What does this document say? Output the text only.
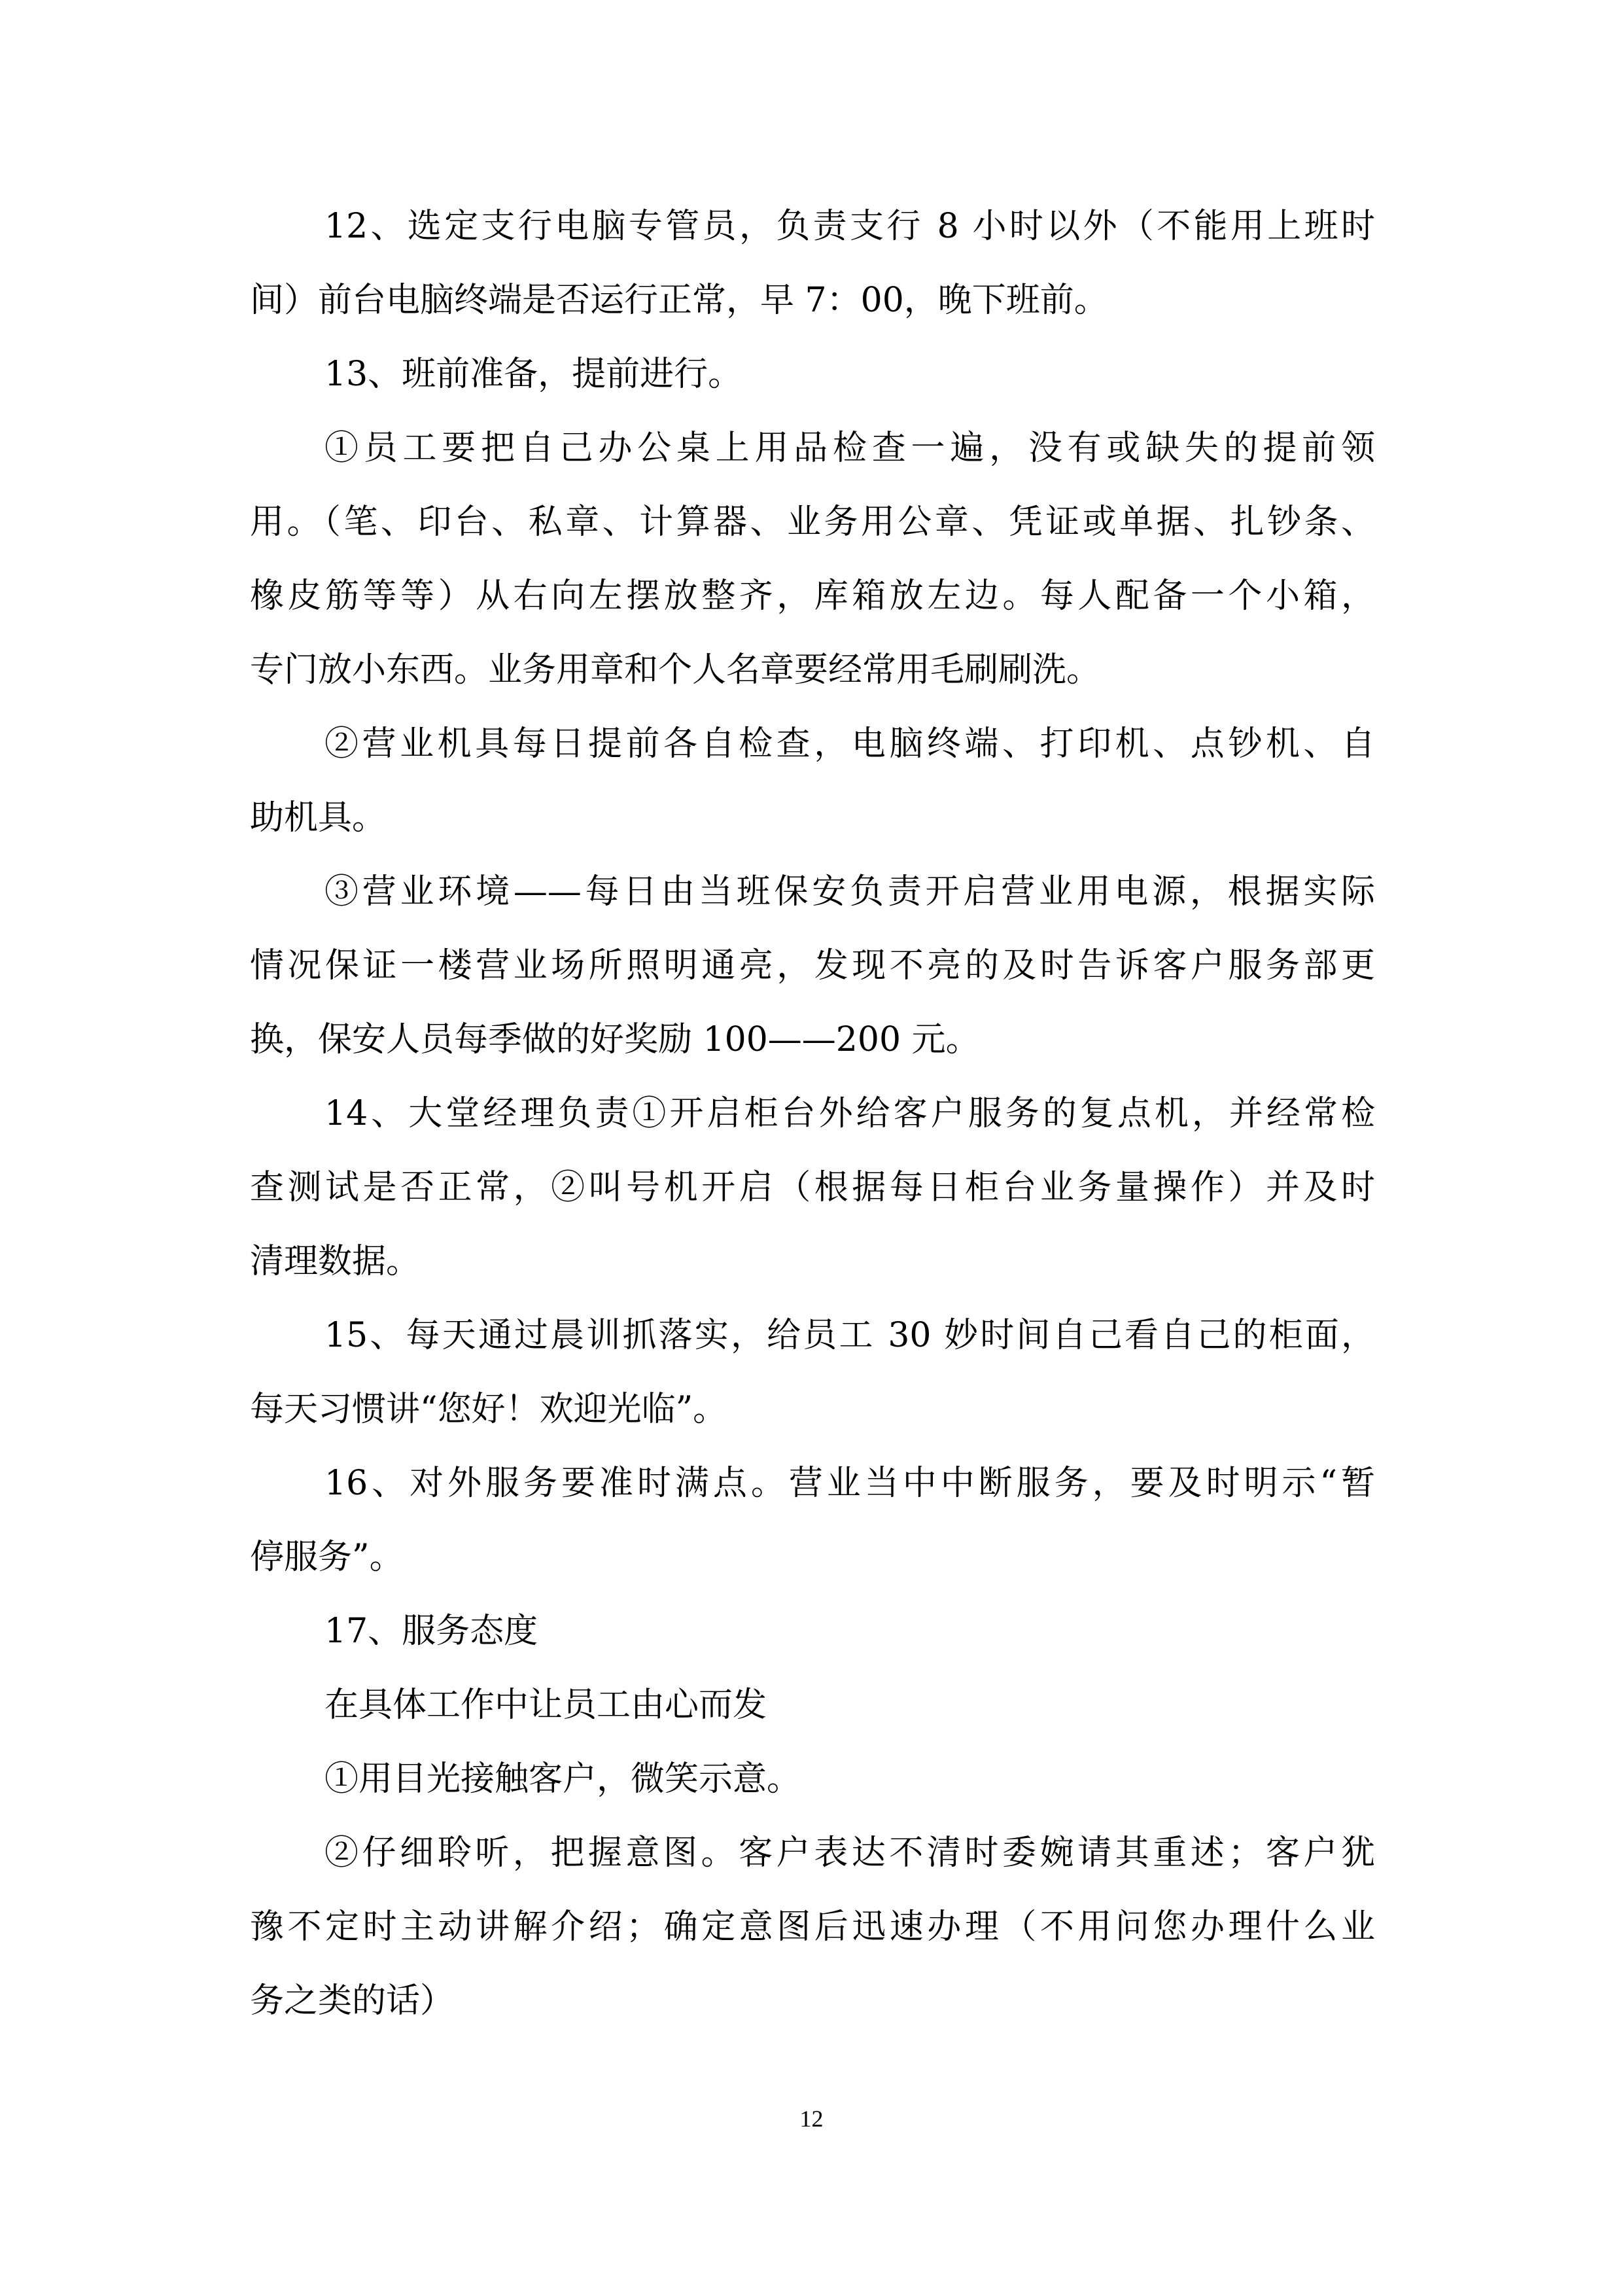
12、选定支行电脑专管员，负责支行 8 小时以外（不能用上班时
间）前台电脑终端是否运行正常，早 7：00，晚下班前。
13、班前准备，提前进行。
①员工要把自己办公桌上用品检查一遍，没有或缺失的提前领
用。（笔、印台、私章、计算器、业务用公章、凭证或单据、扎钞条、
橡皮筋等等）从右向左摆放整齐，库箱放左边。每人配备一个小箱，
专门放小东西。业务用章和个人名章要经常用毛刷刷洗。
②营业机具每日提前各自检查，电脑终端、打印机、点钞机、自
助机具。
③营业环境——每日由当班保安负责开启营业用电源，根据实际
情况保证一楼营业场所照明通亮，发现不亮的及时告诉客户服务部更
换，保安人员每季做的好奖励 100——200 元。
14、大堂经理负责①开启柜台外给客户服务的复点机，并经常检
查测试是否正常，②叫号机开启（根据每日柜台业务量操作）并及时
清理数据。
15、每天通过晨训抓落实，给员工 30 妙时间自己看自己的柜面，
每天习惯讲“您好！欢迎光临”。
16、对外服务要准时满点。营业当中中断服务，要及时明示“暂
停服务”。
17、服务态度
在具体工作中让员工由心而发
①用目光接触客户，微笑示意。
②仔细聆听，把握意图。客户表达不清时委婉请其重述；客户犹
豫不定时主动讲解介绍；确定意图后迅速办理（不用问您办理什么业
务之类的话）
12
